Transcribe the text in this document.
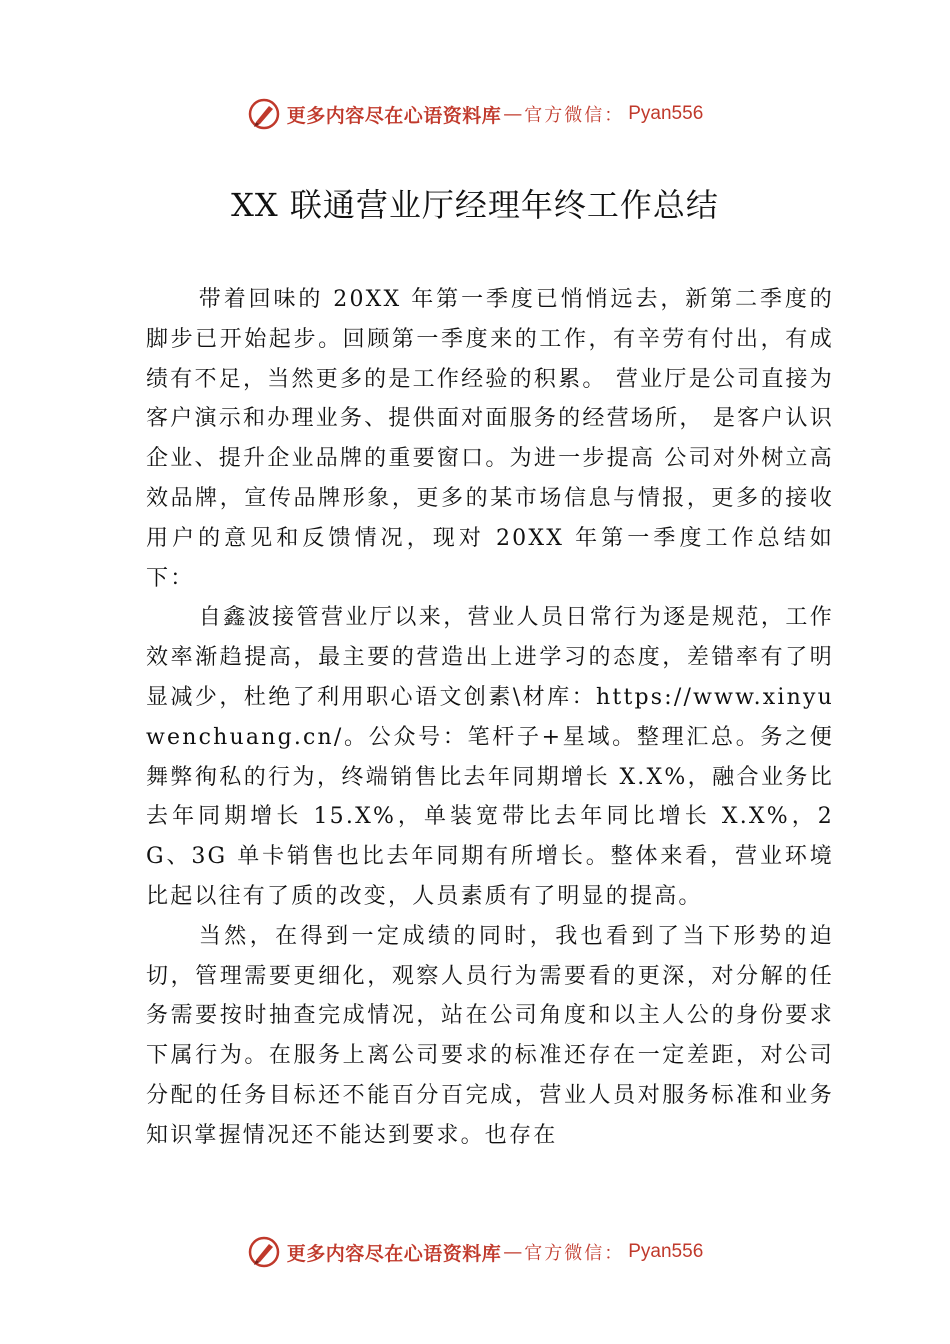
更多内容尽在心语资料库 — 官方微信： Pyan556
XX 联通营业厅经理年终工作总结

带着回味的 20XX 年第一季度已悄悄远去，新第二季度的脚步已开始起步。回顾第一季度来的工作，有辛劳有付出，有成绩有不足，当然更多的是工作经验的积累。 营业厅是公司直接为客户演示和办理业务、提供面对面服务的经营场所， 是客户认识企业、提升企业品牌的重要窗口。为进一步提高 公司对外树立高效品牌，宣传品牌形象，更多的某市场信息与情报，更多的接收用户的意见和反馈情况，现对 20XX 年第一季度工作总结如下：

自鑫波接管营业厅以来，营业人员日常行为逐是规范，工作效率渐趋提高，最主要的营造出上进学习的态度，差错率有了明显减少，杜绝了利用职心语文创素\材库：https://www.xinyuwenchuang.cn/。公众号：笔杆子+星域。整理汇总。务之便舞弊徇私的行为，终端销售比去年同期增长 X.X%，融合业务比去年同期增长 15.X%，单装宽带比去年同比增长 X.X%，2G、3G 单卡销售也比去年同期有所增长。整体来看，营业环境比起以往有了质的改变，人员素质有了明显的提高。

当然，在得到一定成绩的同时，我也看到了当下形势的迫切，管理需要更细化，观察人员行为需要看的更深，对分解的任务需要按时抽查完成情况，站在公司角度和以主人公的身份要求下属行为。在服务上离公司要求的标准还存在一定差距，对公司分配的任务目标还不能百分百完成，营业人员对服务标准和业务知识掌握情况还不能达到要求。也存在

更多内容尽在心语资料库 — 官方微信： Pyan556
